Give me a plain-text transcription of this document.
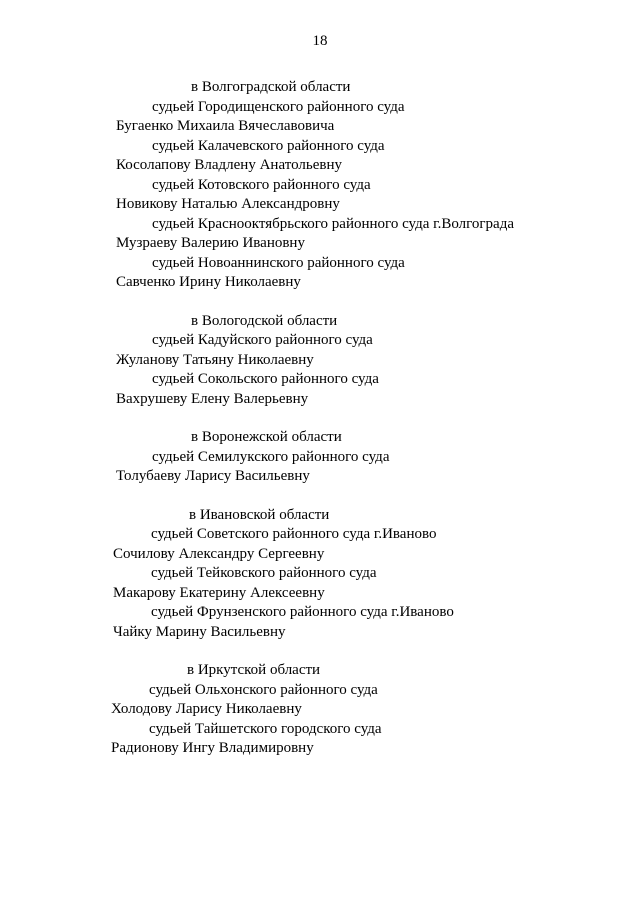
18

в Волгоградской области

судьей Городищенского районного суда

Бугаенко Михаила Вячеславовича

судьей Калачевского районного суда

Косолапову Владлену Анатольевну

судьей Котовского районного суда

Новикову Наталью Александровну

судьей Краснооктябрьского районного суда г.Волгограда

Музраеву Валерию Ивановну

судьей Новоаннинского районного суда

Савченко Ирину Николаевну

в Вологодской области

судьей Кадуйского районного суда

Жуланову Татьяну Николаевну

судьей Сокольского районного суда

Вахрушеву Елену Валерьевну

в Воронежской области

судьей Семилукского районного суда

Толубаеву Ларису Васильевну

в Ивановской области

судьей Советского районного суда г.Иваново

Сочилову Александру Сергеевну

судьей Тейковского районного суда

Макарову Екатерину Алексеевну

судьей Фрунзенского районного суда г.Иваново

Чайку Марину Васильевну

в Иркутской области

судьей Ольхонского районного суда

Холодову Ларису Николаевну

судьей Тайшетского городского суда

Радионову Ингу Владимировну
